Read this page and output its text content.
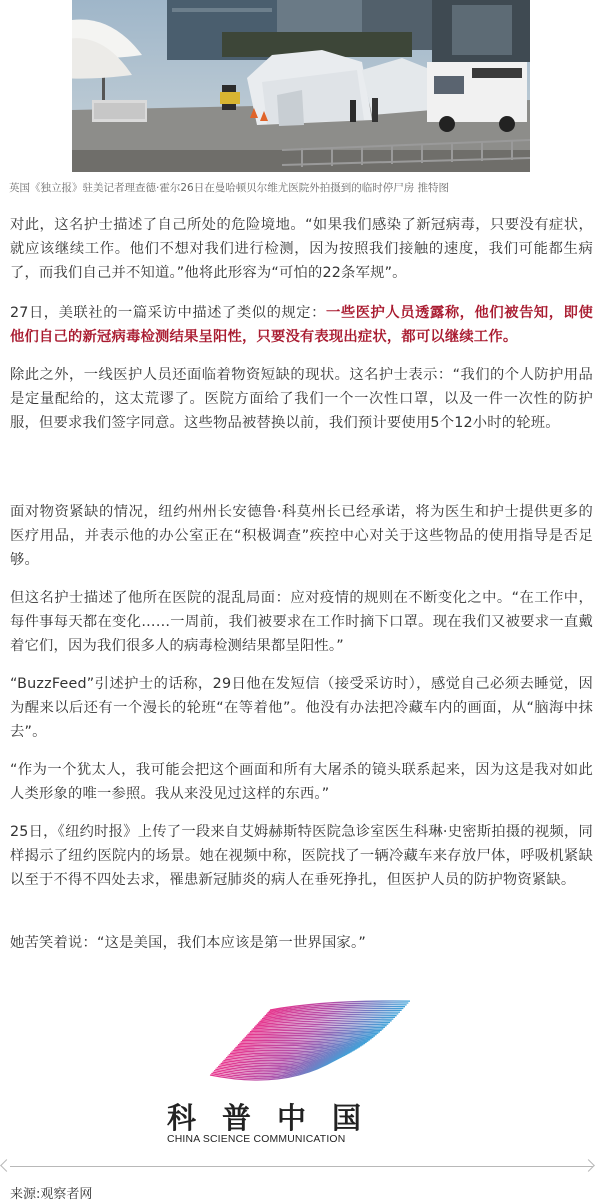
英国《独立报》驻美记者理查德·霍尔26日在曼哈顿贝尔维尤医院外拍摄到的临时停尸房 推特图
对此，这名护士描述了自己所处的危险境地。“如果我们感染了新冠病毒，只要没有症状，就应该继续工作。他们不想对我们进行检测，因为按照我们接触的速度，我们可能都生病了，而我们自己并不知道。”他将此形容为“可怕的22条军规”。
27日，美联社的一篇采访中描述了类似的规定：一些医护人员透露称，他们被告知，即使他们自己的新冠病毒检测结果呈阳性，只要没有表现出症状，都可以继续工作。
除此之外，一线医护人员还面临着物资短缺的现状。这名护士表示：“我们的个人防护用品是定量配给的，这太荒谬了。医院方面给了我们一个一次性口罩，以及一件一次性的防护服，但要求我们签字同意。这些物品被替换以前，我们预计要使用5个12小时的轮班。
面对物资紧缺的情况，纽约州州长安德鲁·科莫州长已经承诺，将为医生和护士提供更多的医疗用品，并表示他的办公室正在“积极调查”疾控中心对关于这些物品的使用指导是否足够。
但这名护士描述了他所在医院的混乱局面：应对疫情的规则在不断变化之中。“在工作中，每件事每天都在变化……一周前，我们被要求在工作时摘下口罩。现在我们又被要求一直戴着它们，因为我们很多人的病毒检测结果都呈阳性。”
“BuzzFeed”引述护士的话称，29日他在发短信（接受采访时），感觉自己必须去睡觉，因为醒来以后还有一个漫长的轮班“在等着他”。他没有办法把冷藏车内的画面，从“脑海中抹去”。
“作为一个犹太人，我可能会把这个画面和所有大屠杀的镜头联系起来，因为这是我对如此人类形象的唯一参照。我从来没见过这样的东西。”
25日，《纽约时报》上传了一段来自艾姆赫斯特医院急诊室医生科琳·史密斯拍摄的视频，同样揭示了纽约医院内的场景。她在视频中称，医院找了一辆冷藏车来存放尸体，呼吸机紧缺以至于不得不四处去求，罹患新冠肺炎的病人在垂死挣扎，但医护人员的防护物资紧缺。
她苦笑着说：“这是美国，我们本应该是第一世界国家。”
科普中国
CHINA SCIENCE COMMUNICATION
来源:观察者网
